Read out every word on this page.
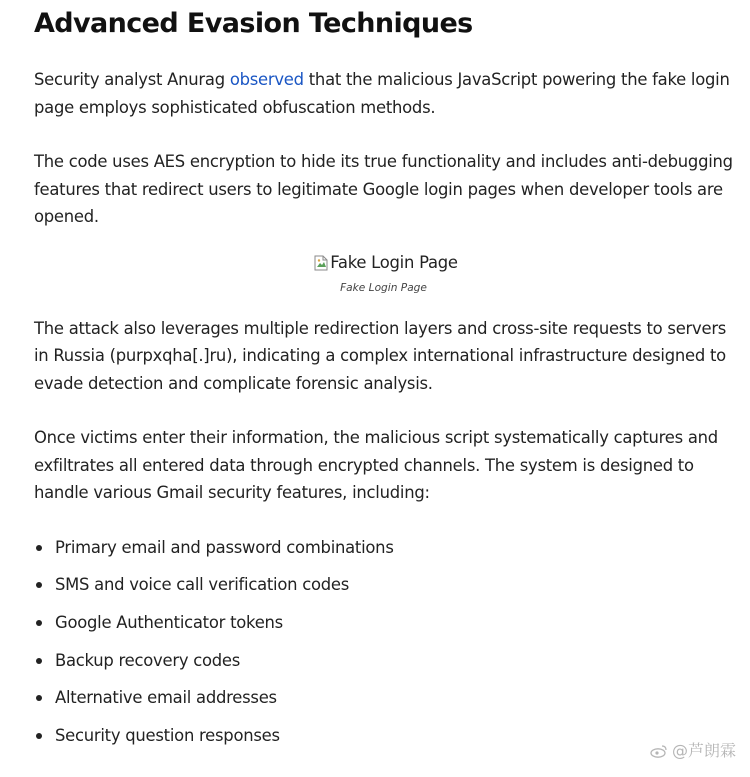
Advanced Evasion Techniques

Security analyst Anurag observed that the malicious JavaScript powering the fake login page employs sophisticated obfuscation methods.

The code uses AES encryption to hide its true functionality and includes anti-debugging features that redirect users to legitimate Google login pages when developer tools are opened.

Fake Login Page
Fake Login Page

The attack also leverages multiple redirection layers and cross-site requests to servers in Russia (purpxqha[.]ru), indicating a complex international infrastructure designed to evade detection and complicate forensic analysis.

Once victims enter their information, the malicious script systematically captures and exfiltrates all entered data through encrypted channels. The system is designed to handle various Gmail security features, including:

Primary email and password combinations
SMS and voice call verification codes
Google Authenticator tokens
Backup recovery codes
Alternative email addresses
Security question responses
@芦朗霖
